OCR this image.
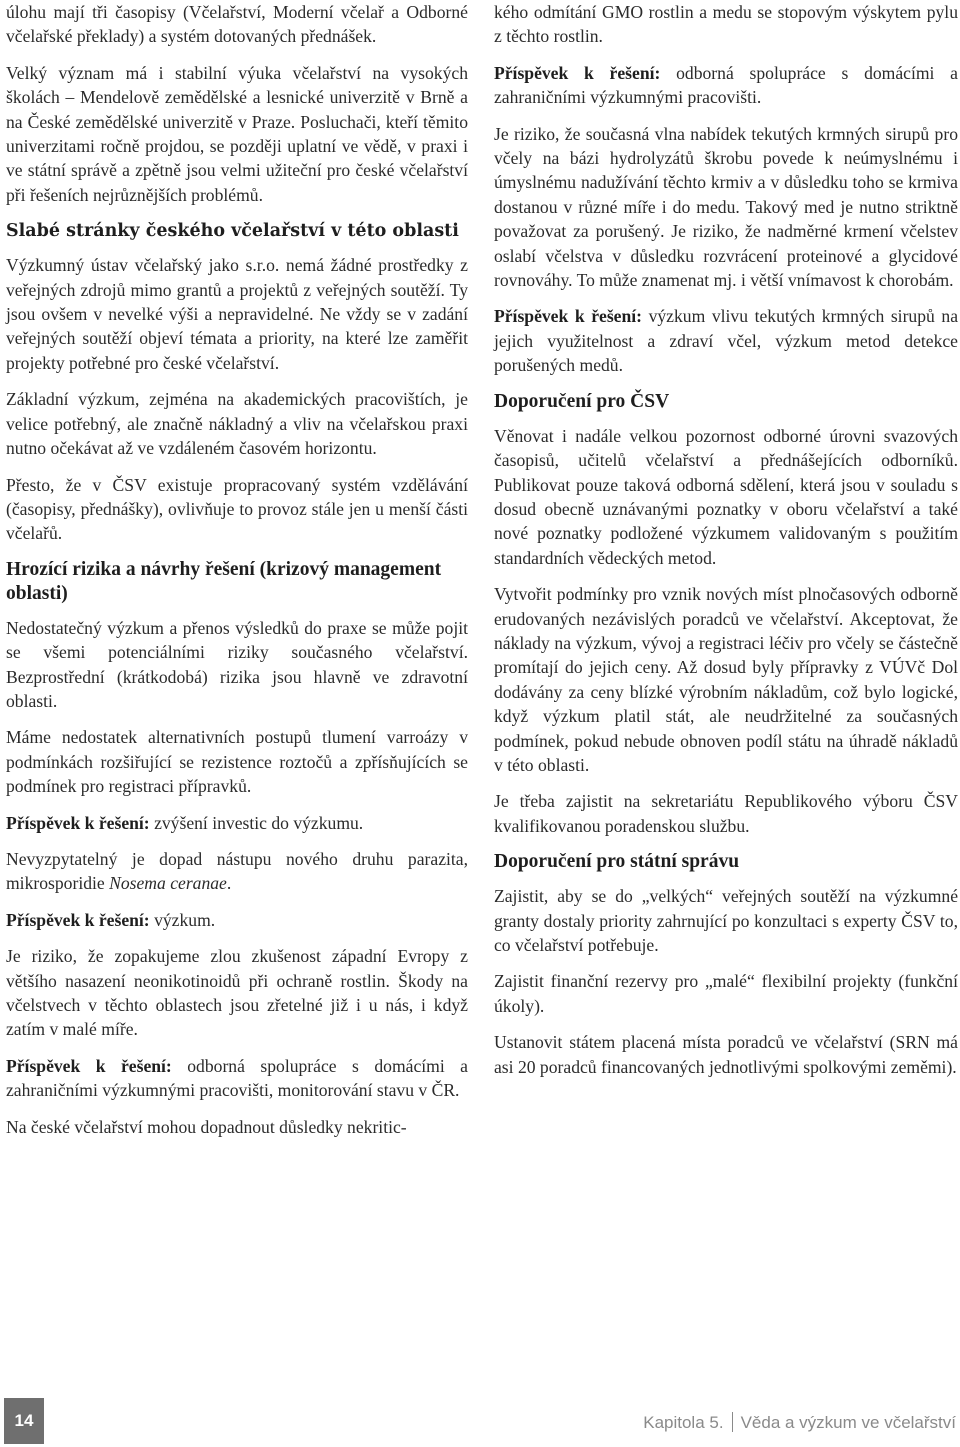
úlohu mají tři časopisy (Včelařství, Moderní včelař a Odborné včelařské překlady) a systém dotovaných přednášek.

Velký význam má i stabilní výuka včelařství na vysokých školách – Mendelově zemědělské a lesnické univerzitě v Brně a na České zemědělské univerzitě v Praze. Posluchači, kteří těmito univerzitami ročně projdou, se později uplatní ve vědě, v praxi i ve státní správě a zpětně jsou velmi užiteční pro české včelařství při řešeních nejrůznějších problémů.

Slabé stránky českého včelařství v této oblasti

Výzkumný ústav včelařský jako s.r.o. nemá žádné prostředky z veřejných zdrojů mimo grantů a projektů z veřejných soutěží. Ty jsou ovšem v nevelké výši a nepravidelné. Ne vždy se v zadání veřejných soutěží objeví témata a priority, na které lze zaměřit projekty potřebné pro české včelařství.

Základní výzkum, zejména na akademických pracovištích, je velice potřebný, ale značně nákladný a vliv na včelařskou praxi nutno očekávat až ve vzdáleném časovém horizontu.

Přesto, že v ČSV existuje propracovaný systém vzdělávání (časopisy, přednášky), ovlivňuje to provoz stále jen u menší části včelařů.

Hrozící rizika a návrhy řešení (krizový management oblasti)

Nedostatečný výzkum a přenos výsledků do praxe se může pojit se všemi potenciálními riziky současného včelařství. Bezprostřední (krátkodobá) rizika jsou hlavně ve zdravotní oblasti.

Máme nedostatek alternativních postupů tlumení varroázy v podmínkách rozšiřující se rezistence roztočů a zpřísňujících se podmínek pro registraci přípravků.

Příspěvek k řešení: zvýšení investic do výzkumu.

Nevyzpytatelný je dopad nástupu nového druhu parazita, mikrosporidie Nosema ceranae.

Příspěvek k řešení: výzkum.

Je riziko, že zopakujeme zlou zkušenost západní Evropy z většího nasazení neonikotinoidů při ochraně rostlin. Škody na včelstvech v těchto oblastech jsou zřetelné již i u nás, i když zatím v malé míře.

Příspěvek k řešení: odborná spolupráce s domácími a zahraničními výzkumnými pracovišti, monitorování stavu v ČR.

Na české včelařství mohou dopadnout důsledky nekritic-

kého odmítání GMO rostlin a medu se stopovým výskytem pylu z těchto rostlin.

Příspěvek k řešení: odborná spolupráce s domácími a zahraničními výzkumnými pracovišti.

Je riziko, že současná vlna nabídek tekutých krmných sirupů pro včely na bázi hydrolyzátů škrobu povede k neúmyslnému i úmyslnému nadužívání těchto krmiv a v důsledku toho se krmiva dostanou v různé míře i do medu. Takový med je nutno striktně považovat za porušený. Je riziko, že nadměrné krmení včelstev oslabí včelstva v důsledku rozvrácení proteinové a glycidové rovnováhy. To může znamenat mj. i větší vnímavost k chorobám.

Příspěvek k řešení: výzkum vlivu tekutých krmných sirupů na jejich využitelnost a zdraví včel, výzkum metod detekce porušených medů.

Doporučení pro ČSV

Věnovat i nadále velkou pozornost odborné úrovni svazových časopisů, učitelů včelařství a přednášejících odborníků. Publikovat pouze taková odborná sdělení, která jsou v souladu s dosud obecně uznávanými poznatky v oboru včelařství a také nové poznatky podložené výzkumem validovaným s použitím standardních vědeckých metod.

Vytvořit podmínky pro vznik nových míst plnočasových odborně erudovaných nezávislých poradců ve včelařství. Akceptovat, že náklady na výzkum, vývoj a registraci léčiv pro včely se částečně promítají do jejich ceny. Až dosud byly přípravky z VÚVč Dol dodávány za ceny blízké výrobním nákladům, což bylo logické, když výzkum platil stát, ale neudržitelné za současných podmínek, pokud nebude obnoven podíl státu na úhradě nákladů v této oblasti.

Je třeba zajistit na sekretariátu Republikového výboru ČSV kvalifikovanou poradenskou službu.

Doporučení pro státní správu

Zajistit, aby se do „velkých“ veřejných soutěží na výzkumné granty dostaly priority zahrnující po konzultaci s experty ČSV to, co včelařství potřebuje.

Zajistit finanční rezervy pro „malé“ flexibilní projekty (funkční úkoly).

Ustanovit státem placená místa poradců ve včelařství (SRN má asi 20 poradců financovaných jednotlivými spolkovými zeměmi).

14	Kapitola 5. Věda a výzkum ve včelařství
